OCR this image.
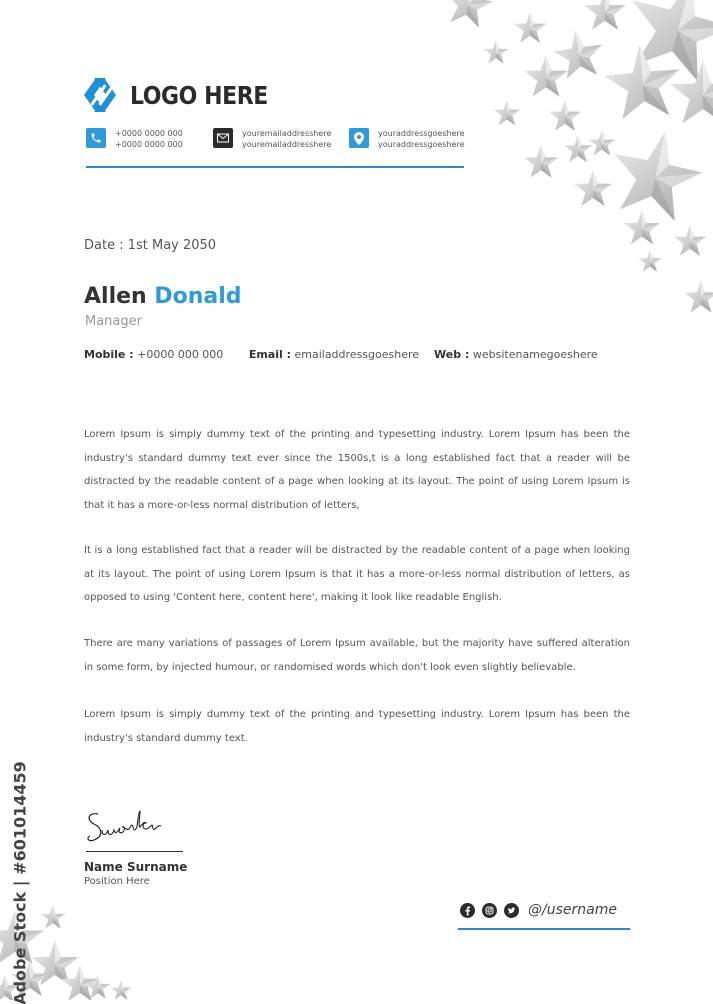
LOGO HERE
+0000 0000 000
+0000 0000 000
youremailaddresshere
youremailaddresshere
youraddressgoeshere
youraddressgoeshere
Date : 1st May 2050
Allen Donald
Manager
Mobile : +0000 000 000 Email : emailaddressgoeshere Web : websitenamegoeshere

Lorem Ipsum is simply dummy text of the printing and typesetting industry. Lorem Ipsum has been the industry's standard dummy text ever since the 1500s,t is a long established fact that a reader will be distracted by the readable content of a page when looking at its layout. The point of using Lorem Ipsum is that it has a more-or-less normal distribution of letters,

It is a long established fact that a reader will be distracted by the readable content of a page when looking at its layout. The point of using Lorem Ipsum is that it has a more-or-less normal distribution of letters, as opposed to using 'Content here, content here', making it look like readable English.

There are many variations of passages of Lorem Ipsum available, but the majority have suffered alteration in some form, by injected humour, or randomised words which don't look even slightly believable.

Lorem Ipsum is simply dummy text of the printing and typesetting industry. Lorem Ipsum has been the industry's standard dummy text.

Name Surname
Position Here
@/username
Adobe Stock | #601014459
